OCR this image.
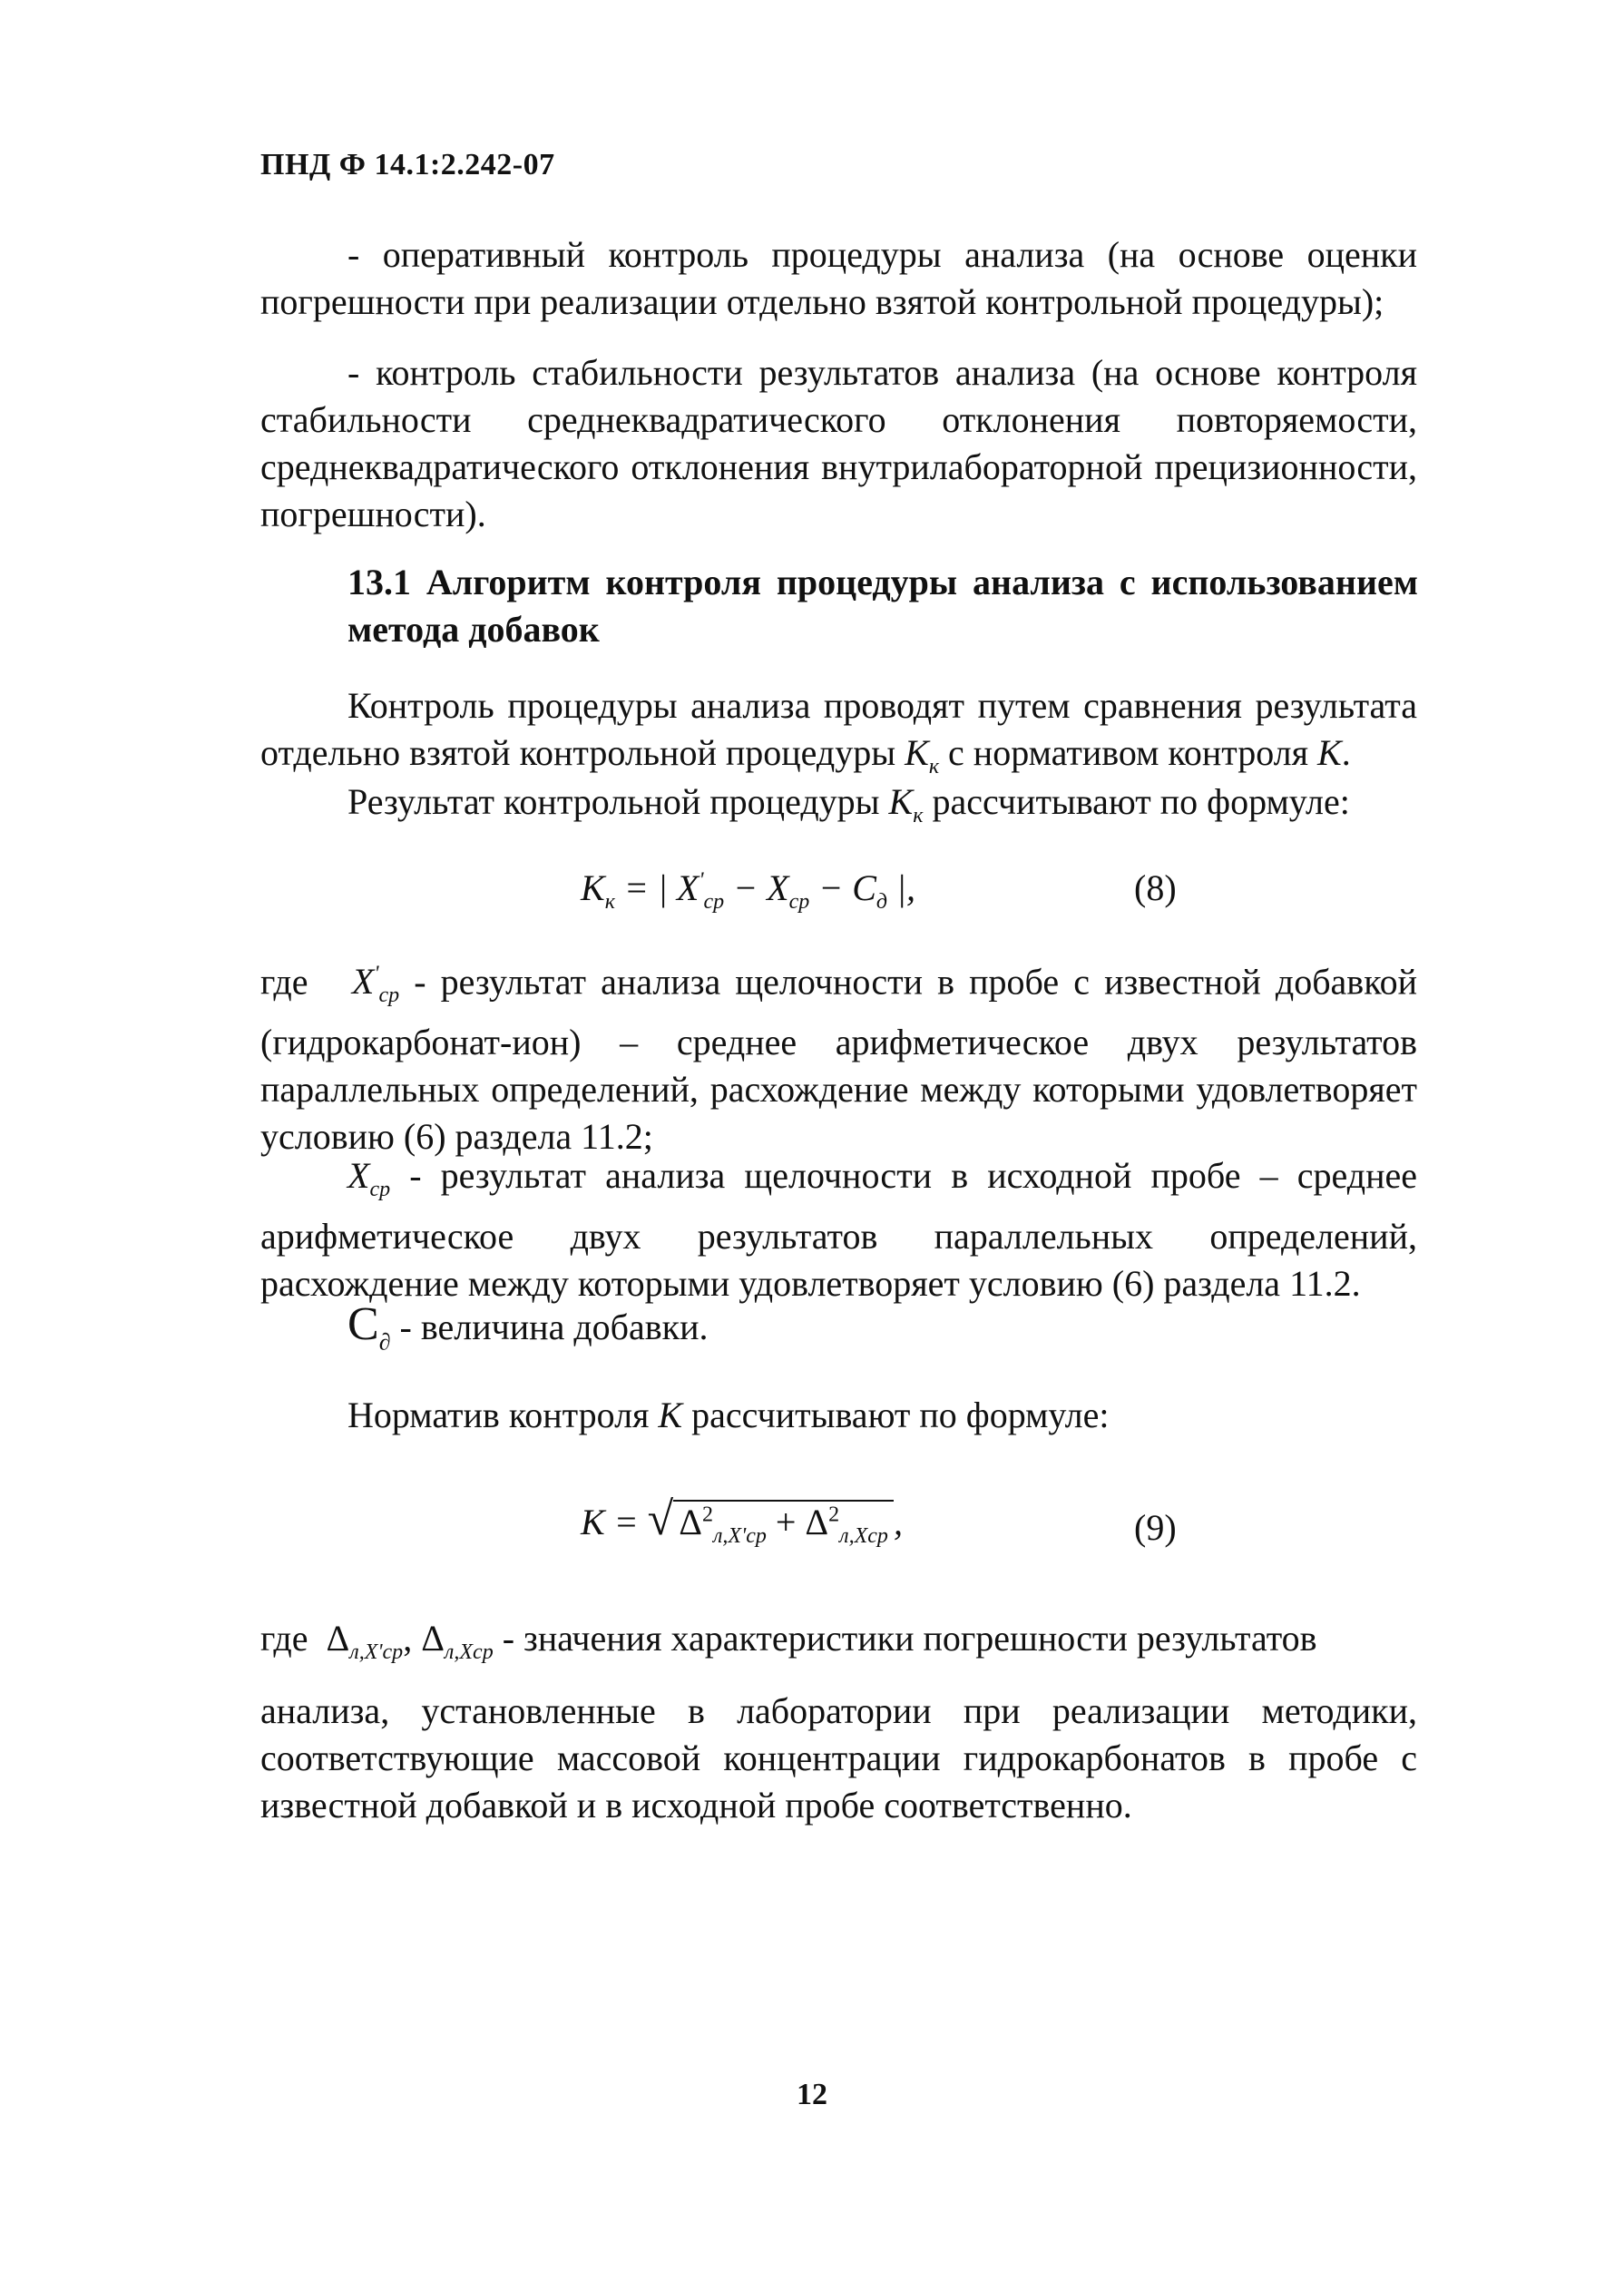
ПНД Ф 14.1:2.242-07
- оперативный контроль процедуры анализа (на основе оценки погрешности при реализации отдельно взятой контрольной процедуры);
- контроль стабильности результатов анализа (на основе контроля стабильности среднеквадратического отклонения повторяемости, среднеквадратического отклонения внутрилабораторной прецизионности, погрешности).
13.1 Алгоритм контроля процедуры анализа с использованием метода добавок
Контроль процедуры анализа проводят путем сравнения результата отдельно взятой контрольной процедуры $K_к$ с нормативом контроля K.
Результат контрольной процедуры $K_к$ рассчитывают по формуле:
$K_к$ = | $X'_{ср} - X_{ср} - C_д$ |,	(8)
где $X'_{ср}$ - результат анализа щелочности в пробе с известной добавкой (гидрокарбонат-ион) – среднее арифметическое двух результатов параллельных определений, расхождение между которыми удовлетворяет условию (6) раздела 11.2;
$X_{ср}$ - результат анализа щелочности в исходной пробе – среднее арифметическое двух результатов параллельных определений, расхождение между которыми удовлетворяет условию (6) раздела 11.2.
$C_\partial$ - величина добавки.
Норматив контроля K рассчитывают по формуле:
K = √ $\Delta^2_{л,X'ср} + \Delta^2_{л,Xср}$ ,	(9)
где $\Delta_{л,X'ср}$, $\Delta_{л,Xср}$ - значения характеристики погрешности результатов
анализа, установленные в лаборатории при реализации методики, соответствующие массовой концентрации гидрокарбонатов в пробе с известной добавкой и в исходной пробе соответственно.
12
